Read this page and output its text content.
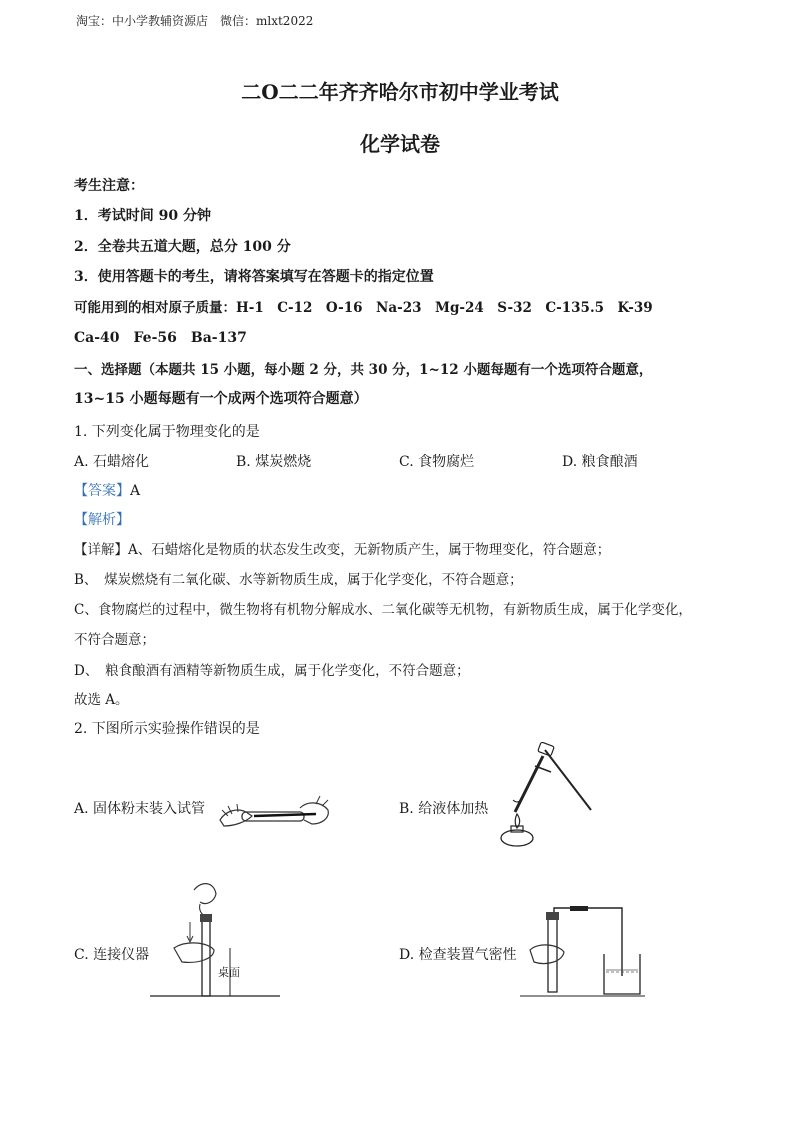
淘宝：中小学教辅资源店　微信：mlxt2022
二O二二年齐齐哈尔市初中学业考试
化学试卷
考生注意：
1．考试时间 90 分钟
2．全卷共五道大题，总分 100 分
3．使用答题卡的考生，请将答案填写在答题卡的指定位置
可能用到的相对原子质量：H-1　C-12　O-16　Na-23　Mg-24　S-32　C-135.5　K-39
Ca-40　Fe-56　Ba-137
一、选择题（本题共 15 小题，每小题 2 分，共 30 分，1~12 小题每题有一个选项符合题意，
13~15 小题每题有一个成两个选项符合题意）
1. 下列变化属于物理变化的是
A. 石蜡熔化	B. 煤炭燃烧	C. 食物腐烂	D. 粮食酿酒
【答案】A
【解析】
【详解】A、石蜡熔化是物质的状态发生改变，无新物质产生，属于物理变化，符合题意；
B、　煤炭燃烧有二氧化碳、水等新物质生成，属于化学变化，不符合题意；
C、食物腐烂的过程中，微生物将有机物分解成水、二氧化碳等无机物，有新物质生成，属于化学变化，
不符合题意；
D、　粮食酿酒有酒精等新物质生成，属于化学变化，不符合题意；
故选 A。
2. 下图所示实验操作错误的是
A. 固体粉末装入试管	B. 给液体加热
C. 连接仪器	D. 检查装置气密性
桌面
